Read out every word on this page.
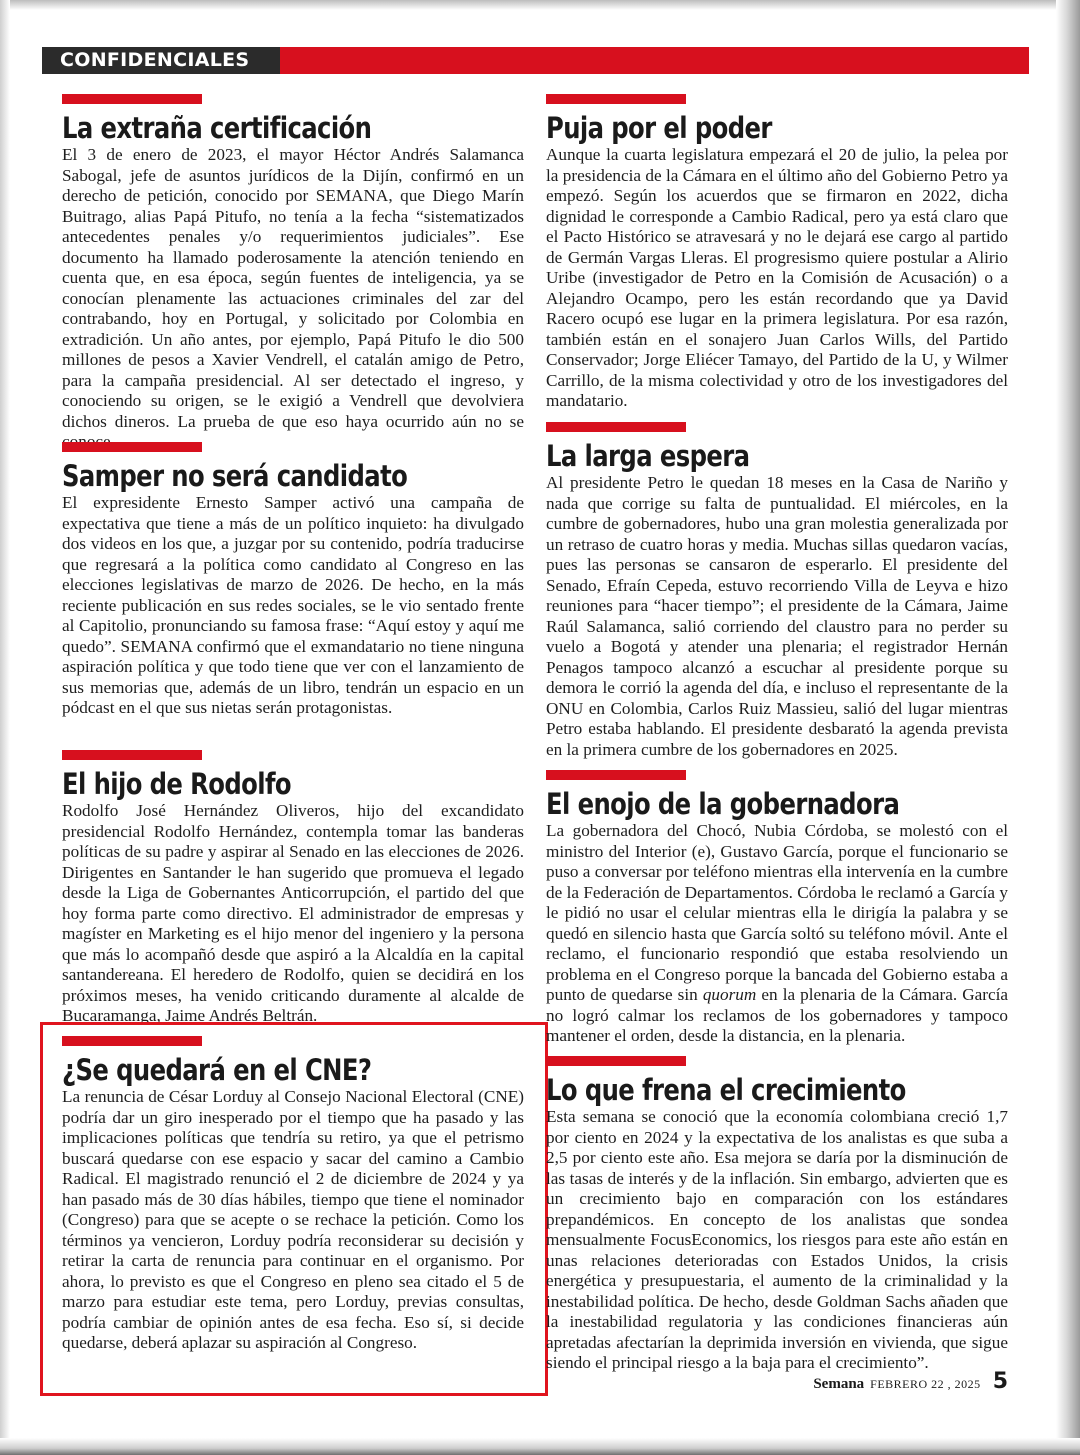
CONFIDENCIALES
La extraña certificación

El 3 de enero de 2023, el mayor Héctor Andrés Salamanca Sabogal, jefe de asuntos jurídicos de la Dijín, confirmó en un derecho de petición, conocido por SEMANA, que Diego Marín Buitrago, alias Papá Pitufo, no tenía a la fecha “sistematizados antecedentes penales y/o requerimientos judiciales”. Ese documento ha llamado poderosamente la atención teniendo en cuenta que, en esa época, según fuentes de inteligencia, ya se conocían plenamente las actuaciones criminales del zar del contrabando, hoy en Portugal, y solicitado por Colombia en extradición. Un año antes, por ejemplo, Papá Pitufo le dio 500 millones de pesos a Xavier Vendrell, el catalán amigo de Petro, para la campaña presidencial. Al ser detectado el ingreso, y conociendo su origen, se le exigió a Vendrell que devolviera dichos dineros. La prueba de que eso haya ocurrido aún no se

Samper no será candidato

El expresidente Ernesto Samper activó una campaña de expectativa que tiene a más de un político inquieto: ha divulgado dos videos en los que, a juzgar por su contenido, podría traducirse que regresará a la política como candidato al Congreso en las elecciones legislativas de marzo de 2026. De hecho, en la más reciente publicación en sus redes sociales, se le vio sentado frente al Capitolio, pronunciando su famosa frase: “Aquí estoy y aquí me quedo”. SEMANA confirmó que el exmandatario no tiene ninguna aspiración política y que todo tiene que ver con el lanzamiento de sus memorias que, además de un libro, tendrán un espacio en un pódcast en el que sus nietas serán protagonistas.

El hijo de Rodolfo

Rodolfo José Hernández Oliveros, hijo del excandidato presidencial Rodolfo Hernández, contempla tomar las banderas políticas de su padre y aspirar al Senado en las elecciones de 2026. Dirigentes en Santander le han sugerido que promueva el legado desde la Liga de Gobernantes Anticorrupción, el partido del que hoy forma parte como directivo. El administrador de empresas y magíster en Marketing es el hijo menor del ingeniero y la persona que más lo acompañó desde que aspiró a la Alcaldía en la capital santandereana. El heredero de Rodolfo, quien se decidirá en los próximos meses, ha venido criticando duramente al alcalde de Bucaramanga, Jaime Andrés Beltrán.

¿Se quedará en el CNE?

La renuncia de César Lorduy al Consejo Nacional Electoral (CNE) podría dar un giro inesperado por el tiempo que ha pasado y las implicaciones políticas que tendría su retiro, ya que el petrismo buscará quedarse con ese espacio y sacar del camino a Cambio Radical. El magistrado renunció el 2 de diciembre de 2024 y ya han pasado más de 30 días hábiles, tiempo que tiene el nominador (Congreso) para que se acepte o se rechace la petición. Como los términos ya vencieron, Lorduy podría reconsiderar su decisión y retirar la carta de renuncia para continuar en el organismo. Por ahora, lo previsto es que el Congreso en pleno sea citado el 5 de marzo para estudiar este tema, pero Lorduy, previas consultas, podría cambiar de opinión antes de esa fecha. Eso sí, si decide quedarse, deberá aplazar su aspiración al Congreso.

Puja por el poder

Aunque la cuarta legislatura empezará el 20 de julio, la pelea por la presidencia de la Cámara en el último año del Gobierno Petro ya empezó. Según los acuerdos que se firmaron en 2022, dicha dignidad le corresponde a Cambio Radical, pero ya está claro que el Pacto Histórico se atravesará y no le dejará ese cargo al partido de Germán Vargas Lleras. El progresismo quiere postular a Alirio Uribe (investigador de Petro en la Comisión de Acusación) o a Alejandro Ocampo, pero les están recordando que ya David Racero ocupó ese lugar en la primera legislatura. Por esa razón, también están en el sonajero Juan Carlos Wills, del Partido Conservador; Jorge Eliécer Tamayo, del Partido de la U, y Wilmer Carrillo, de la misma colectividad y otro de los investigadores del mandatario.

La larga espera

Al presidente Petro le quedan 18 meses en la Casa de Nariño y nada que corrige su falta de puntualidad. El miércoles, en la cumbre de gobernadores, hubo una gran molestia generalizada por un retraso de cuatro horas y media. Muchas sillas quedaron vacías, pues las personas se cansaron de esperarlo. El presidente del Senado, Efraín Cepeda, estuvo recorriendo Villa de Leyva e hizo reuniones para “hacer tiempo”; el presidente de la Cámara, Jaime Raúl Salamanca, salió corriendo del claustro para no perder su vuelo a Bogotá y atender una plenaria; el registrador Hernán Penagos tampoco alcanzó a escuchar al presidente porque su demora le corrió la agenda del día, e incluso el representante de la ONU en Colombia, Carlos Ruiz Massieu, salió del lugar mientras Petro estaba hablando. El presidente desbarató la agenda prevista en la primera cumbre de los gobernadores en 2025.

El enojo de la gobernadora

La gobernadora del Chocó, Nubia Córdoba, se molestó con el ministro del Interior (e), Gustavo García, porque el funcionario se puso a conversar por teléfono mientras ella intervenía en la cumbre de la Federación de Departamentos. Córdoba le reclamó a García y le pidió no usar el celular mientras ella le dirigía la palabra y se quedó en silencio hasta que García soltó su teléfono móvil. Ante el reclamo, el funcionario respondió que estaba resolviendo un problema en el Congreso porque la bancada del Gobierno estaba a punto de quedarse sin quorum en la plenaria de la Cámara. García no logró calmar los reclamos de los gobernadores y tampoco mantener el orden, desde la distancia, en la plenaria.

Lo que frena el crecimiento

Esta semana se conoció que la economía colombiana creció 1,7 por ciento en 2024 y la expectativa de los analistas es que suba a 2,5 por ciento este año. Esa mejora se daría por la disminución de las tasas de interés y de la inflación. Sin embargo, advierten que es un crecimiento bajo en comparación con los estándares prepandémicos. En concepto de los analistas que sondea mensualmente FocusEconomics, los riesgos para este año están en unas relaciones deterioradas con Estados Unidos, la crisis energética y presupuestaria, el aumento de la criminalidad y la inestabilidad política. De hecho, desde Goldman Sachs añaden que la inestabilidad regulatoria y las condiciones financieras aún apretadas afectarían la deprimida inversión en vivienda, que sigue siendo el principal riesgo a la baja para el crecimiento”.

Semana FEBRERO 22 , 2025 5
